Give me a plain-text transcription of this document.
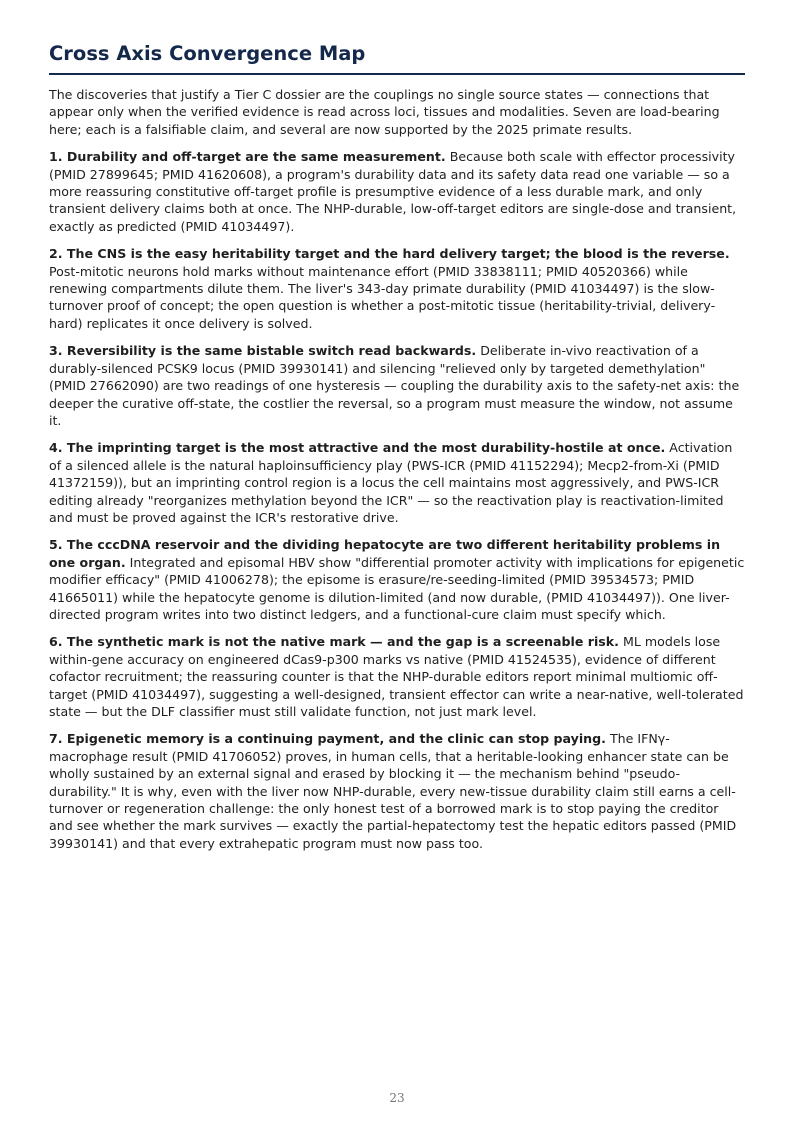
Cross Axis Convergence Map

The discoveries that justify a Tier C dossier are the couplings no single source states — connections that appear only when the verified evidence is read across loci, tissues and modalities. Seven are load-bearing here; each is a falsifiable claim, and several are now supported by the 2025 primate results.

1. Durability and off-target are the same measurement. Because both scale with effector processivity (PMID 27899645; PMID 41620608), a program's durability data and its safety data read one variable — so a more reassuring constitutive off-target profile is presumptive evidence of a less durable mark, and only transient delivery claims both at once. The NHP-durable, low-off-target editors are single-dose and transient, exactly as predicted (PMID 41034497).

2. The CNS is the easy heritability target and the hard delivery target; the blood is the reverse. Post-mitotic neurons hold marks without maintenance effort (PMID 33838111; PMID 40520366) while renewing compartments dilute them. The liver's 343-day primate durability (PMID 41034497) is the slow-turnover proof of concept; the open question is whether a post-mitotic tissue (heritability-trivial, delivery-hard) replicates it once delivery is solved.

3. Reversibility is the same bistable switch read backwards. Deliberate in-vivo reactivation of a durably-silenced PCSK9 locus (PMID 39930141) and silencing "relieved only by targeted demethylation" (PMID 27662090) are two readings of one hysteresis — coupling the durability axis to the safety-net axis: the deeper the curative off-state, the costlier the reversal, so a program must measure the window, not assume it.

4. The imprinting target is the most attractive and the most durability-hostile at once. Activation of a silenced allele is the natural haploinsufficiency play (PWS-ICR (PMID 41152294); Mecp2-from-Xi (PMID 41372159)), but an imprinting control region is a locus the cell maintains most aggressively, and PWS-ICR editing already "reorganizes methylation beyond the ICR" — so the reactivation play is reactivation-limited and must be proved against the ICR's restorative drive.

5. The cccDNA reservoir and the dividing hepatocyte are two different heritability problems in one organ. Integrated and episomal HBV show "differential promoter activity with implications for epigenetic modifier efficacy" (PMID 41006278); the episome is erasure/re-seeding-limited (PMID 39534573; PMID 41665011) while the hepatocyte genome is dilution-limited (and now durable, (PMID 41034497)). One liver-directed program writes into two distinct ledgers, and a functional-cure claim must specify which.

6. The synthetic mark is not the native mark — and the gap is a screenable risk. ML models lose within-gene accuracy on engineered dCas9-p300 marks vs native (PMID 41524535), evidence of different cofactor recruitment; the reassuring counter is that the NHP-durable editors report minimal multiomic off-target (PMID 41034497), suggesting a well-designed, transient effector can write a near-native, well-tolerated state — but the DLF classifier must still validate function, not just mark level.

7. Epigenetic memory is a continuing payment, and the clinic can stop paying. The IFNγ-macrophage result (PMID 41706052) proves, in human cells, that a heritable-looking enhancer state can be wholly sustained by an external signal and erased by blocking it — the mechanism behind "pseudo-durability." It is why, even with the liver now NHP-durable, every new-tissue durability claim still earns a cell-turnover or regeneration challenge: the only honest test of a borrowed mark is to stop paying the creditor and see whether the mark survives — exactly the partial-hepatectomy test the hepatic editors passed (PMID 39930141) and that every extrahepatic program must now pass too.

23
